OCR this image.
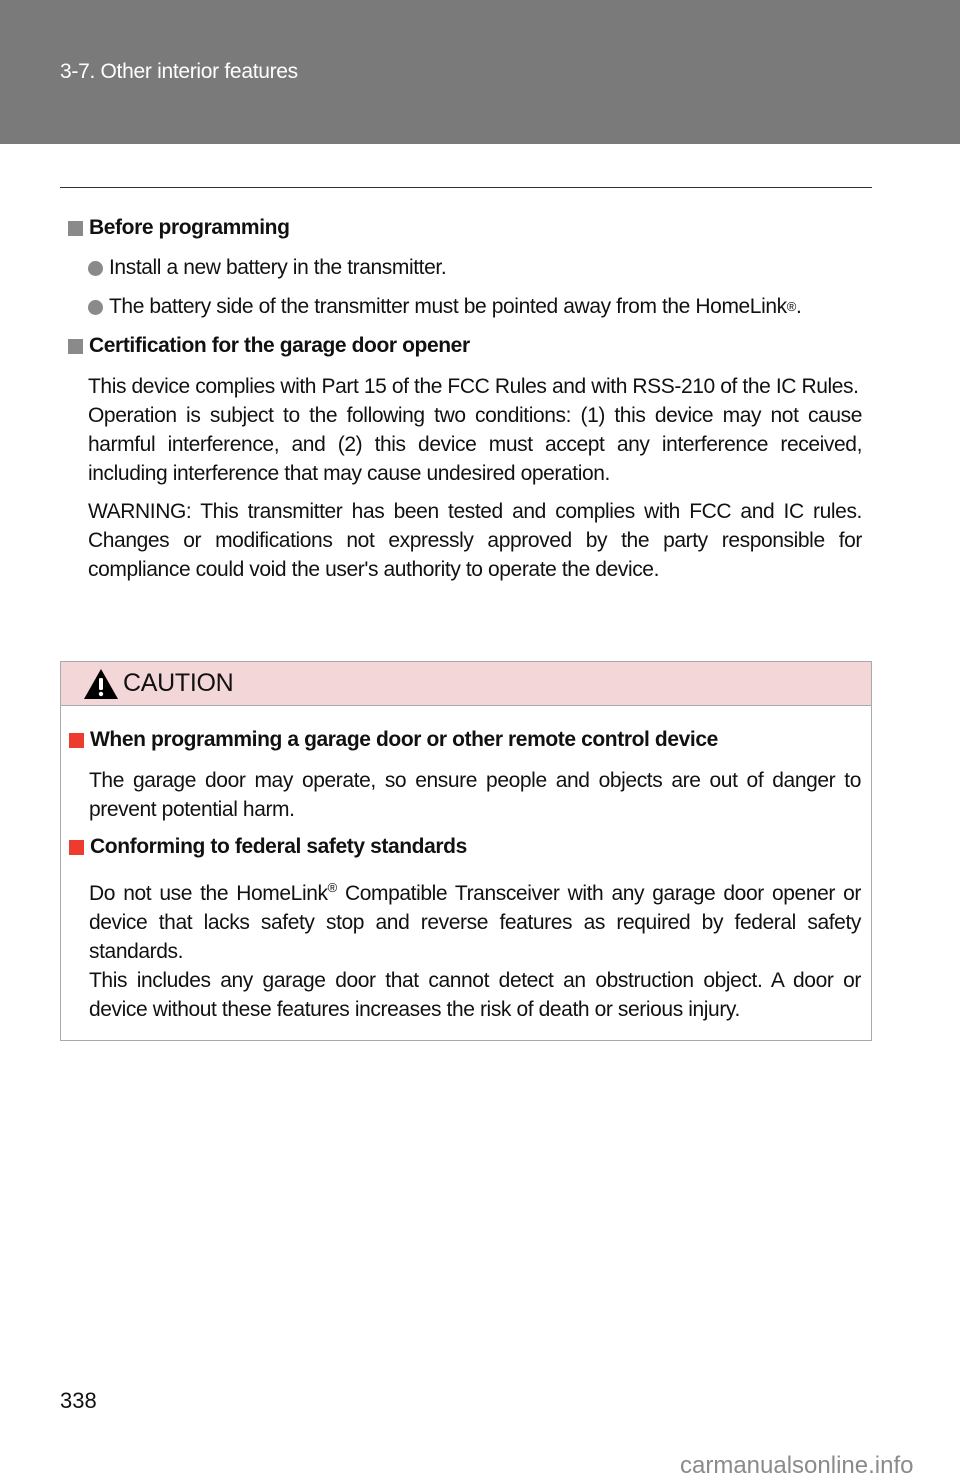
3-7. Other interior features
Before programming
Install a new battery in the transmitter.
The battery side of the transmitter must be pointed away from the HomeLink ® .
Certification for the garage door opener
This device complies with Part 15 of the FCC Rules and with RSS-210 of the IC Rules.
Operation is subject to the following two conditions: (1) this device may not cause harmful interference, and (2) this device must accept any interference received, including interference that may cause undesired operation.
WARNING: This transmitter has been tested and complies with FCC and IC rules. Changes or modifications not expressly approved by the party responsible for compliance could void the user's authority to operate the device.
CAUTION
When programming a garage door or other remote control device
The garage door may operate, so ensure people and objects are out of danger to prevent potential harm.
Conforming to federal safety standards
Do not use the HomeLink® Compatible Transceiver with any garage door opener or device that lacks safety stop and reverse features as required by federal safety standards.
This includes any garage door that cannot detect an obstruction object. A door or device without these features increases the risk of death or serious injury.
338
carmanualsonline.info
